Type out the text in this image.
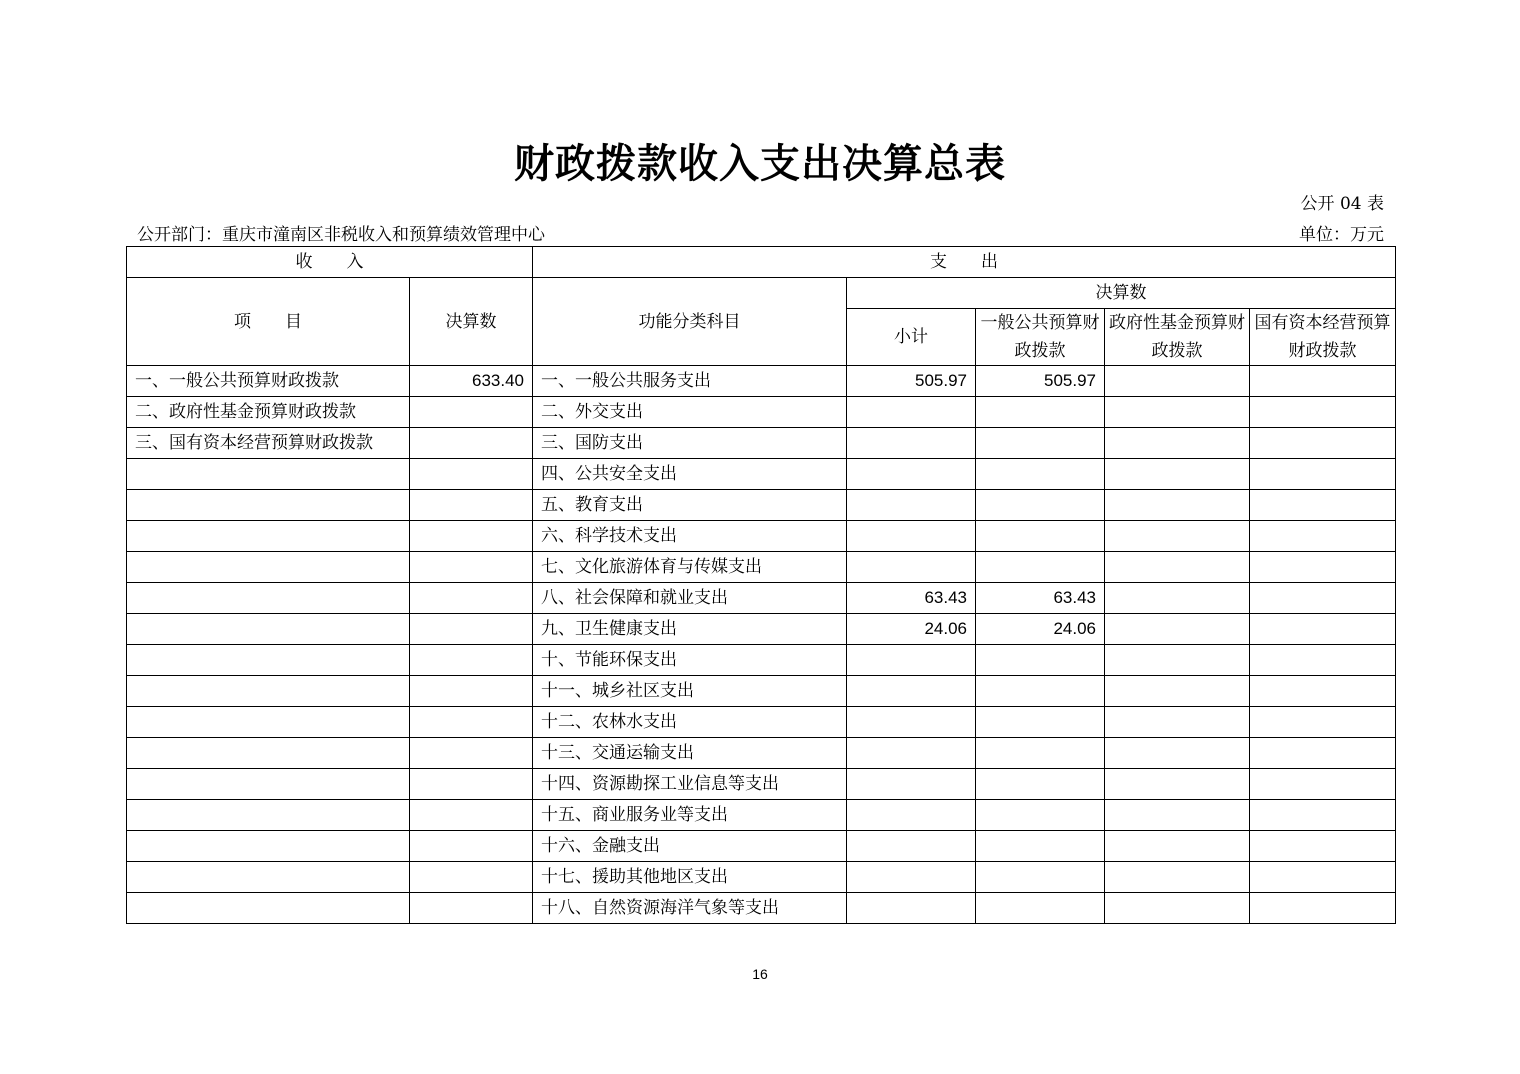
财政拨款收入支出决算总表
公开 04 表
公开部门：重庆市潼南区非税收入和预算绩效管理中心	单位：万元
收　　入		支　　出				
项　　目	决算数	功能分类科目	决算数			
			小计	一般公共预算财政拨款	政府性基金预算财政拨款	国有资本经营预算财政拨款
一、一般公共预算财政拨款	633.40	一、一般公共服务支出	505.97	505.97		
二、政府性基金预算财政拨款		二、外交支出				
三、国有资本经营预算财政拨款		三、国防支出				
		四、公共安全支出				
		五、教育支出				
		六、科学技术支出				
		七、文化旅游体育与传媒支出				
		八、社会保障和就业支出	63.43	63.43		
		九、卫生健康支出	24.06	24.06		
		十、节能环保支出				
		十一、城乡社区支出				
		十二、农林水支出				
		十三、交通运输支出				
		十四、资源勘探工业信息等支出				
		十五、商业服务业等支出				
		十六、金融支出				
		十七、援助其他地区支出				
		十八、自然资源海洋气象等支出				
16
